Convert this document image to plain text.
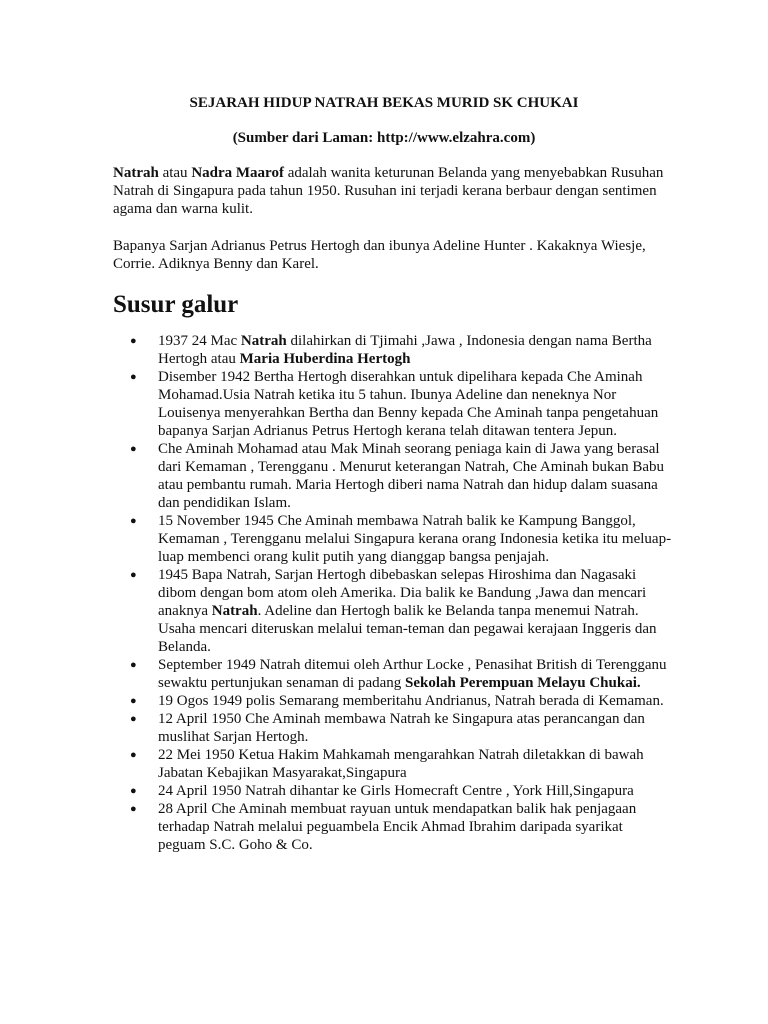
SEJARAH HIDUP NATRAH BEKAS MURID SK CHUKAI

(Sumber dari Laman: http://www.elzahra.com)

Natrah atau Nadra Maarof adalah wanita keturunan Belanda yang menyebabkan Rusuhan Natrah di Singapura pada tahun 1950. Rusuhan ini terjadi kerana berbaur dengan sentimen agama dan warna kulit.

Bapanya Sarjan Adrianus Petrus Hertogh dan ibunya Adeline Hunter . Kakaknya Wiesje, Corrie. Adiknya Benny dan Karel.

Susur galur
● 1937 24 Mac Natrah dilahirkan di Tjimahi ,Jawa , Indonesia dengan nama Bertha Hertogh atau Maria Huberdina Hertogh
● Disember 1942 Bertha Hertogh diserahkan untuk dipelihara kepada Che Aminah Mohamad.Usia Natrah ketika itu 5 tahun. Ibunya Adeline dan neneknya Nor Louisenya menyerahkan Bertha dan Benny kepada Che Aminah tanpa pengetahuan bapanya Sarjan Adrianus Petrus Hertogh kerana telah ditawan tentera Jepun.
● Che Aminah Mohamad atau Mak Minah seorang peniaga kain di Jawa yang berasal dari Kemaman , Terengganu . Menurut keterangan Natrah, Che Aminah bukan Babu atau pembantu rumah. Maria Hertogh diberi nama Natrah dan hidup dalam suasana dan pendidikan Islam.
● 15 November 1945 Che Aminah membawa Natrah balik ke Kampung Banggol, Kemaman , Terengganu melalui Singapura kerana orang Indonesia ketika itu meluap-luap membenci orang kulit putih yang dianggap bangsa penjajah.
● 1945 Bapa Natrah, Sarjan Hertogh dibebaskan selepas Hiroshima dan Nagasaki dibom dengan bom atom oleh Amerika. Dia balik ke Bandung ,Jawa dan mencari anaknya Natrah. Adeline dan Hertogh balik ke Belanda tanpa menemui Natrah. Usaha mencari diteruskan melalui teman-teman dan pegawai kerajaan Inggeris dan Belanda.
● September 1949 Natrah ditemui oleh Arthur Locke , Penasihat British di Terengganu sewaktu pertunjukan senaman di padang Sekolah Perempuan Melayu Chukai.
● 19 Ogos 1949 polis Semarang memberitahu Andrianus, Natrah berada di Kemaman.
● 12 April 1950 Che Aminah membawa Natrah ke Singapura atas perancangan dan muslihat Sarjan Hertogh.
● 22 Mei 1950 Ketua Hakim Mahkamah mengarahkan Natrah diletakkan di bawah Jabatan Kebajikan Masyarakat,Singapura
● 24 April 1950 Natrah dihantar ke Girls Homecraft Centre , York Hill,Singapura
● 28 April Che Aminah membuat rayuan untuk mendapatkan balik hak penjagaan terhadap Natrah melalui peguambela Encik Ahmad Ibrahim daripada syarikat peguam S.C. Goho & Co.
